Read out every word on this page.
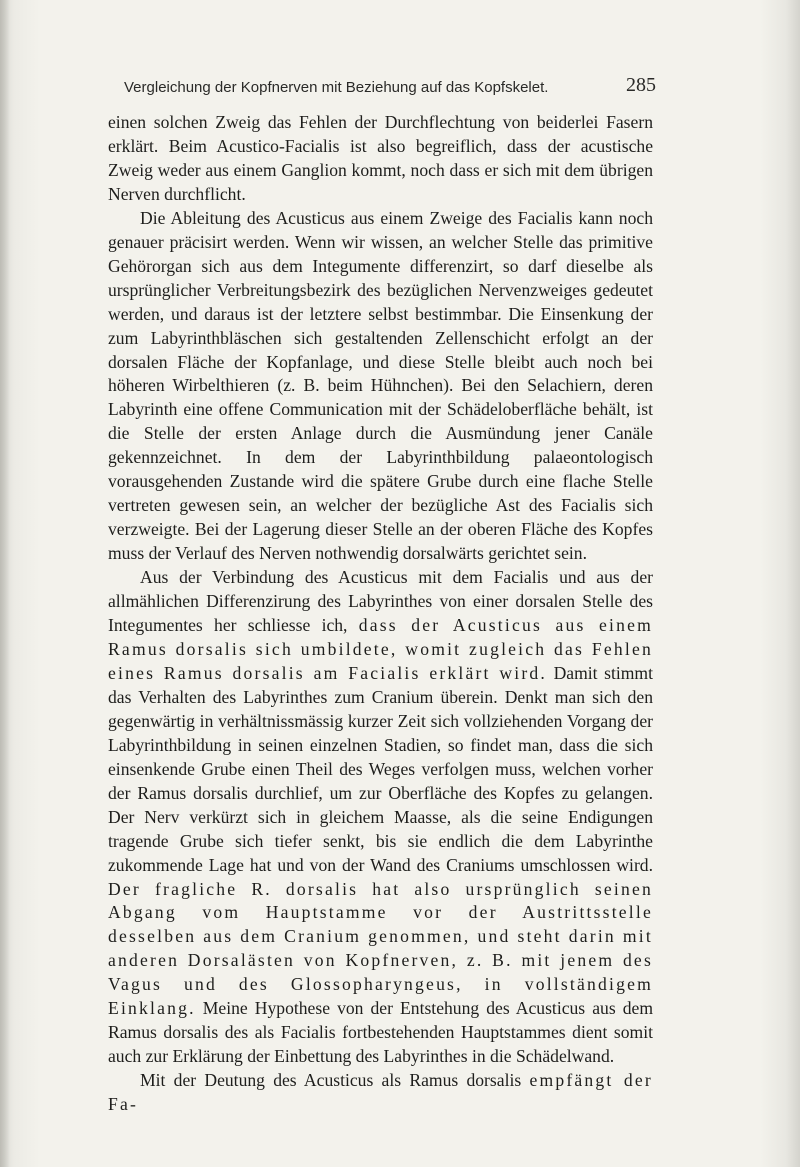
Vergleichung der Kopfnerven mit Beziehung auf das Kopfskelet.	285

einen solchen Zweig das Fehlen der Durchflechtung von beiderlei Fasern erklärt. Beim Acustico-Facialis ist also begreiflich, dass der acustische Zweig weder aus einem Ganglion kommt, noch dass er sich mit dem übrigen Nerven durchflicht.

Die Ableitung des Acusticus aus einem Zweige des Facialis kann noch genauer präcisirt werden. Wenn wir wissen, an welcher Stelle das primitive Gehörorgan sich aus dem Integumente differenzirt, so darf dieselbe als ursprünglicher Verbreitungsbezirk des bezüglichen Nervenzweiges gedeutet werden, und daraus ist der letztere selbst bestimmbar. Die Einsenkung der zum Labyrinthbläschen sich gestaltenden Zellenschicht erfolgt an der dorsalen Fläche der Kopfanlage, und diese Stelle bleibt auch noch bei höheren Wirbelthieren (z. B. beim Hühnchen). Bei den Selachiern, deren Labyrinth eine offene Communication mit der Schädeloberfläche behält, ist die Stelle der ersten Anlage durch die Ausmündung jener Canäle gekennzeichnet. In dem der Labyrinthbildung palaeontologisch vorausgehenden Zustande wird die spätere Grube durch eine flache Stelle vertreten gewesen sein, an welcher der bezügliche Ast des Facialis sich verzweigte. Bei der Lagerung dieser Stelle an der oberen Fläche des Kopfes muss der Verlauf des Nerven nothwendig dorsalwärts gerichtet sein.

Aus der Verbindung des Acusticus mit dem Facialis und aus der allmählichen Differenzirung des Labyrinthes von einer dorsalen Stelle des Integumentes her schliesse ich, dass der Acusticus aus einem Ramus dorsalis sich umbildete, womit zugleich das Fehlen eines Ramus dorsalis am Facialis erklärt wird. Damit stimmt das Verhalten des Labyrinthes zum Cranium überein. Denkt man sich den gegenwärtig in verhältnissmässig kurzer Zeit sich vollziehenden Vorgang der Labyrinthbildung in seinen einzelnen Stadien, so findet man, dass die sich einsenkende Grube einen Theil des Weges verfolgen muss, welchen vorher der Ramus dorsalis durchlief, um zur Oberfläche des Kopfes zu gelangen. Der Nerv verkürzt sich in gleichem Maasse, als die seine Endigungen tragende Grube sich tiefer senkt, bis sie endlich die dem Labyrinthe zukommende Lage hat und von der Wand des Craniums umschlossen wird. Der fragliche R. dorsalis hat also ursprünglich seinen Abgang vom Hauptstamme vor der Austrittsstelle desselben aus dem Cranium genommen, und steht darin mit anderen Dorsalästen von Kopfnerven, z. B. mit jenem des Vagus und des Glossopharyngeus, in vollständigem Einklang. Meine Hypothese von der Entstehung des Acusticus aus dem Ramus dorsalis des als Facialis fortbestehenden Hauptstammes dient somit auch zur Erklärung der Einbettung des Labyrinthes in die Schädelwand.

Mit der Deutung des Acusticus als Ramus dorsalis empfängt der Fa-
